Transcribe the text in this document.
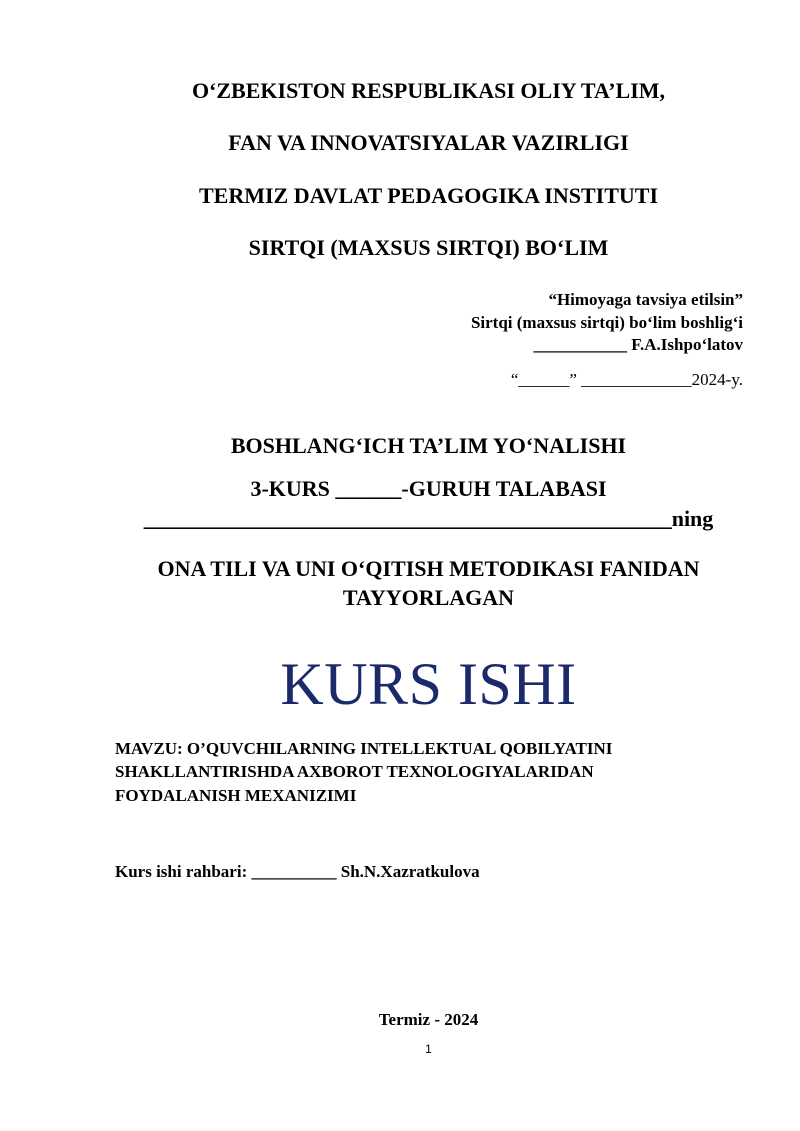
O‘ZBEKISTON RESPUBLIKASI OLIY TA’LIM,
FAN VA INNOVATSIYALAR VAZIRLIGI
TERMIZ DAVLAT PEDAGOGIKA INSTITUTI
SIRTQI (MAXSUS SIRTQI) BO‘LIM
“Himoyaga tavsiya etilsin”
Sirtqi (maxsus sirtqi) bo‘lim boshlig‘i
___________ F.A.Ishpo‘latov
“______” _____________2024-y.
BOSHLANG‘ICH TA’LIM YO‘NALISHI
3-KURS ______-GURUH TALABASI
________________________________________________ning
ONA TILI VA UNI O‘QITISH METODIKASI FANIDAN
TAYYORLAGAN
KURS ISHI
MAVZU: O’QUVCHILARNING INTELLEKTUAL QOBILYATINI
SHAKLLANTIRISHDA AXBOROT TEXNOLOGIYALARIDAN
FOYDALANISH MEXANIZIMI
Kurs ishi rahbari: __________ Sh.N.Xazratkulova
Termiz - 2024
1
